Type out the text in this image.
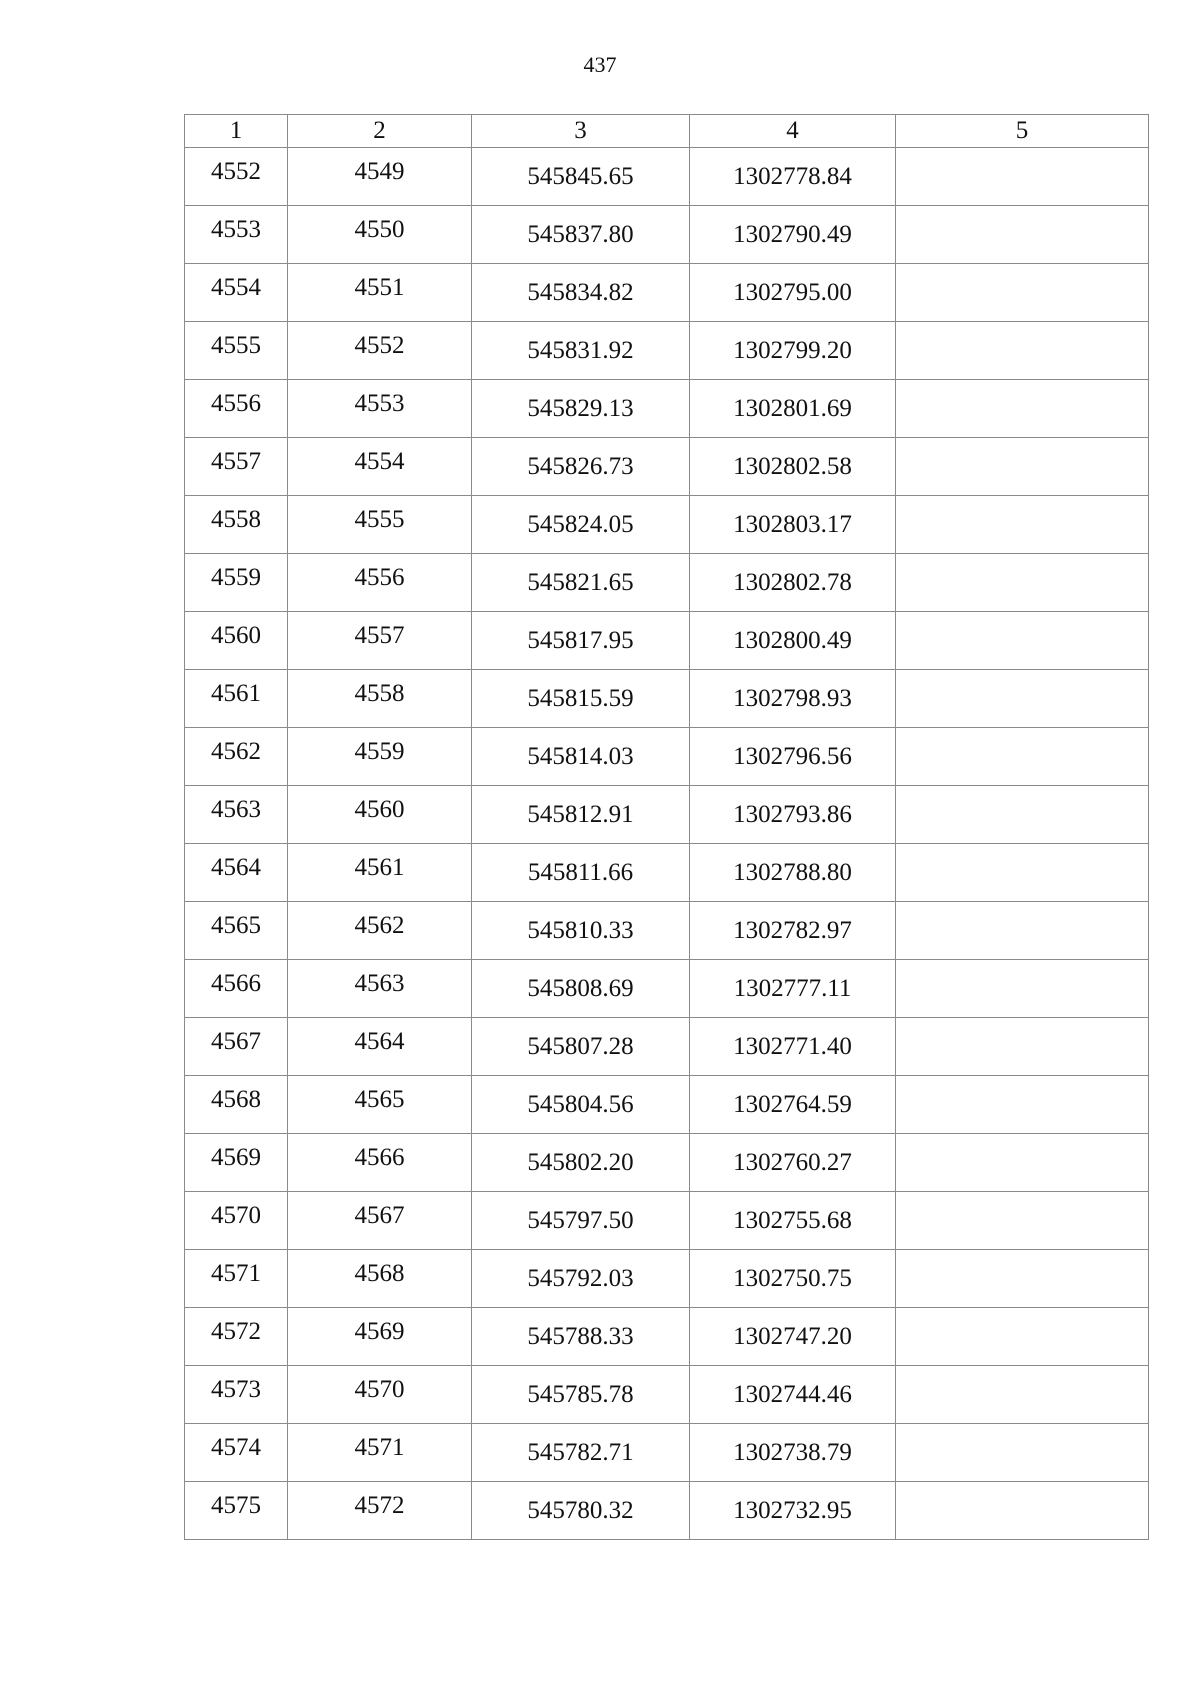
437
1	2	3	4	5
4552	4549	545845.65	1302778.84	
4553	4550	545837.80	1302790.49	
4554	4551	545834.82	1302795.00	
4555	4552	545831.92	1302799.20	
4556	4553	545829.13	1302801.69	
4557	4554	545826.73	1302802.58	
4558	4555	545824.05	1302803.17	
4559	4556	545821.65	1302802.78	
4560	4557	545817.95	1302800.49	
4561	4558	545815.59	1302798.93	
4562	4559	545814.03	1302796.56	
4563	4560	545812.91	1302793.86	
4564	4561	545811.66	1302788.80	
4565	4562	545810.33	1302782.97	
4566	4563	545808.69	1302777.11	
4567	4564	545807.28	1302771.40	
4568	4565	545804.56	1302764.59	
4569	4566	545802.20	1302760.27	
4570	4567	545797.50	1302755.68	
4571	4568	545792.03	1302750.75	
4572	4569	545788.33	1302747.20	
4573	4570	545785.78	1302744.46	
4574	4571	545782.71	1302738.79	
4575	4572	545780.32	1302732.95	
